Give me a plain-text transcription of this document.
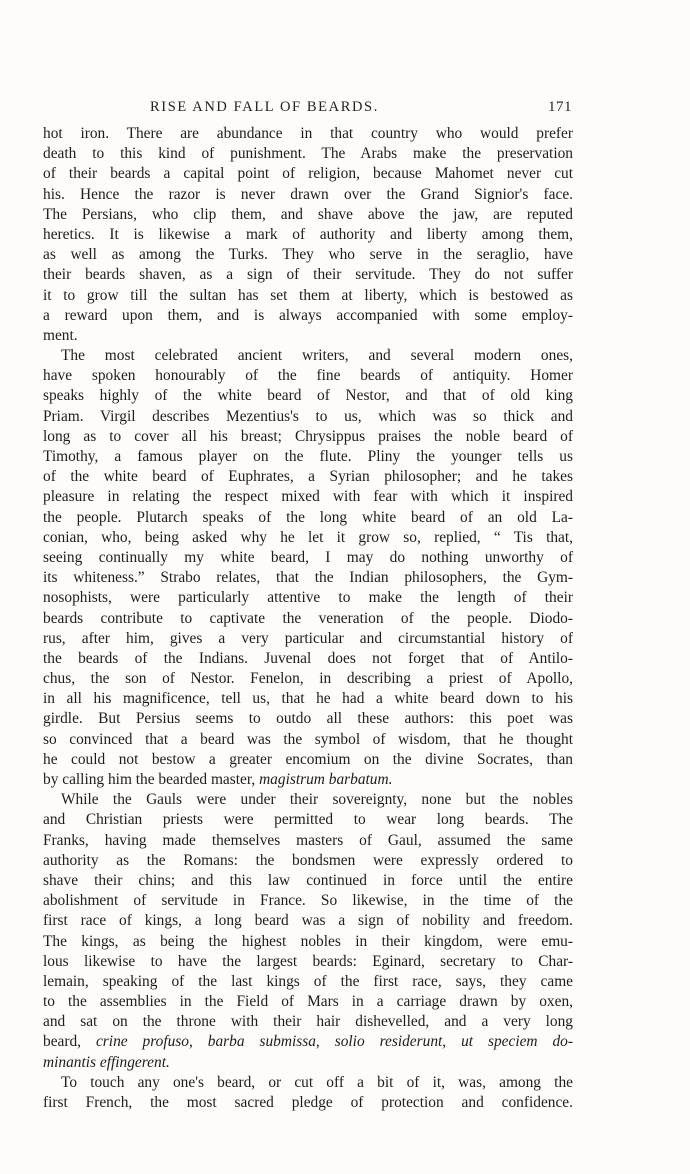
RISE AND FALL OF BEARDS.	171
hot iron. There are abundance in that country who would prefer
death to this kind of punishment. The Arabs make the preservation
of their beards a capital point of religion, because Mahomet never cut
his. Hence the razor is never drawn over the Grand Signior's face.
The Persians, who clip them, and shave above the jaw, are reputed
heretics. It is likewise a mark of authority and liberty among them,
as well as among the Turks. They who serve in the seraglio, have
their beards shaven, as a sign of their servitude. They do not suffer
it to grow till the sultan has set them at liberty, which is bestowed as
a reward upon them, and is always accompanied with some employ-
ment.
The most celebrated ancient writers, and several modern ones,
have spoken honourably of the fine beards of antiquity. Homer
speaks highly of the white beard of Nestor, and that of old king
Priam. Virgil describes Mezentius's to us, which was so thick and
long as to cover all his breast; Chrysippus praises the noble beard of
Timothy, a famous player on the flute. Pliny the younger tells us
of the white beard of Euphrates, a Syrian philosopher; and he takes
pleasure in relating the respect mixed with fear with which it inspired
the people. Plutarch speaks of the long white beard of an old La-
conian, who, being asked why he let it grow so, replied, “ Tis that,
seeing continually my white beard, I may do nothing unworthy of
its whiteness.” Strabo relates, that the Indian philosophers, the Gym-
nosophists, were particularly attentive to make the length of their
beards contribute to captivate the veneration of the people. Diodo-
rus, after him, gives a very particular and circumstantial history of
the beards of the Indians. Juvenal does not forget that of Antilo-
chus, the son of Nestor. Fenelon, in describing a priest of Apollo,
in all his magnificence, tell us, that he had a white beard down to his
girdle. But Persius seems to outdo all these authors: this poet was
so convinced that a beard was the symbol of wisdom, that he thought
he could not bestow a greater encomium on the divine Socrates, than
by calling him the bearded master, magistrum barbatum.
While the Gauls were under their sovereignty, none but the nobles
and Christian priests were permitted to wear long beards. The
Franks, having made themselves masters of Gaul, assumed the same
authority as the Romans: the bondsmen were expressly ordered to
shave their chins; and this law continued in force until the entire
abolishment of servitude in France. So likewise, in the time of the
first race of kings, a long beard was a sign of nobility and freedom.
The kings, as being the highest nobles in their kingdom, were emu-
lous likewise to have the largest beards: Eginard, secretary to Char-
lemain, speaking of the last kings of the first race, says, they came
to the assemblies in the Field of Mars in a carriage drawn by oxen,
and sat on the throne with their hair dishevelled, and a very long
beard, crine profuso, barba submissa, solio residerunt, ut speciem do-
minantis effingerent.
To touch any one's beard, or cut off a bit of it, was, among the
first French, the most sacred pledge of protection and confidence.
